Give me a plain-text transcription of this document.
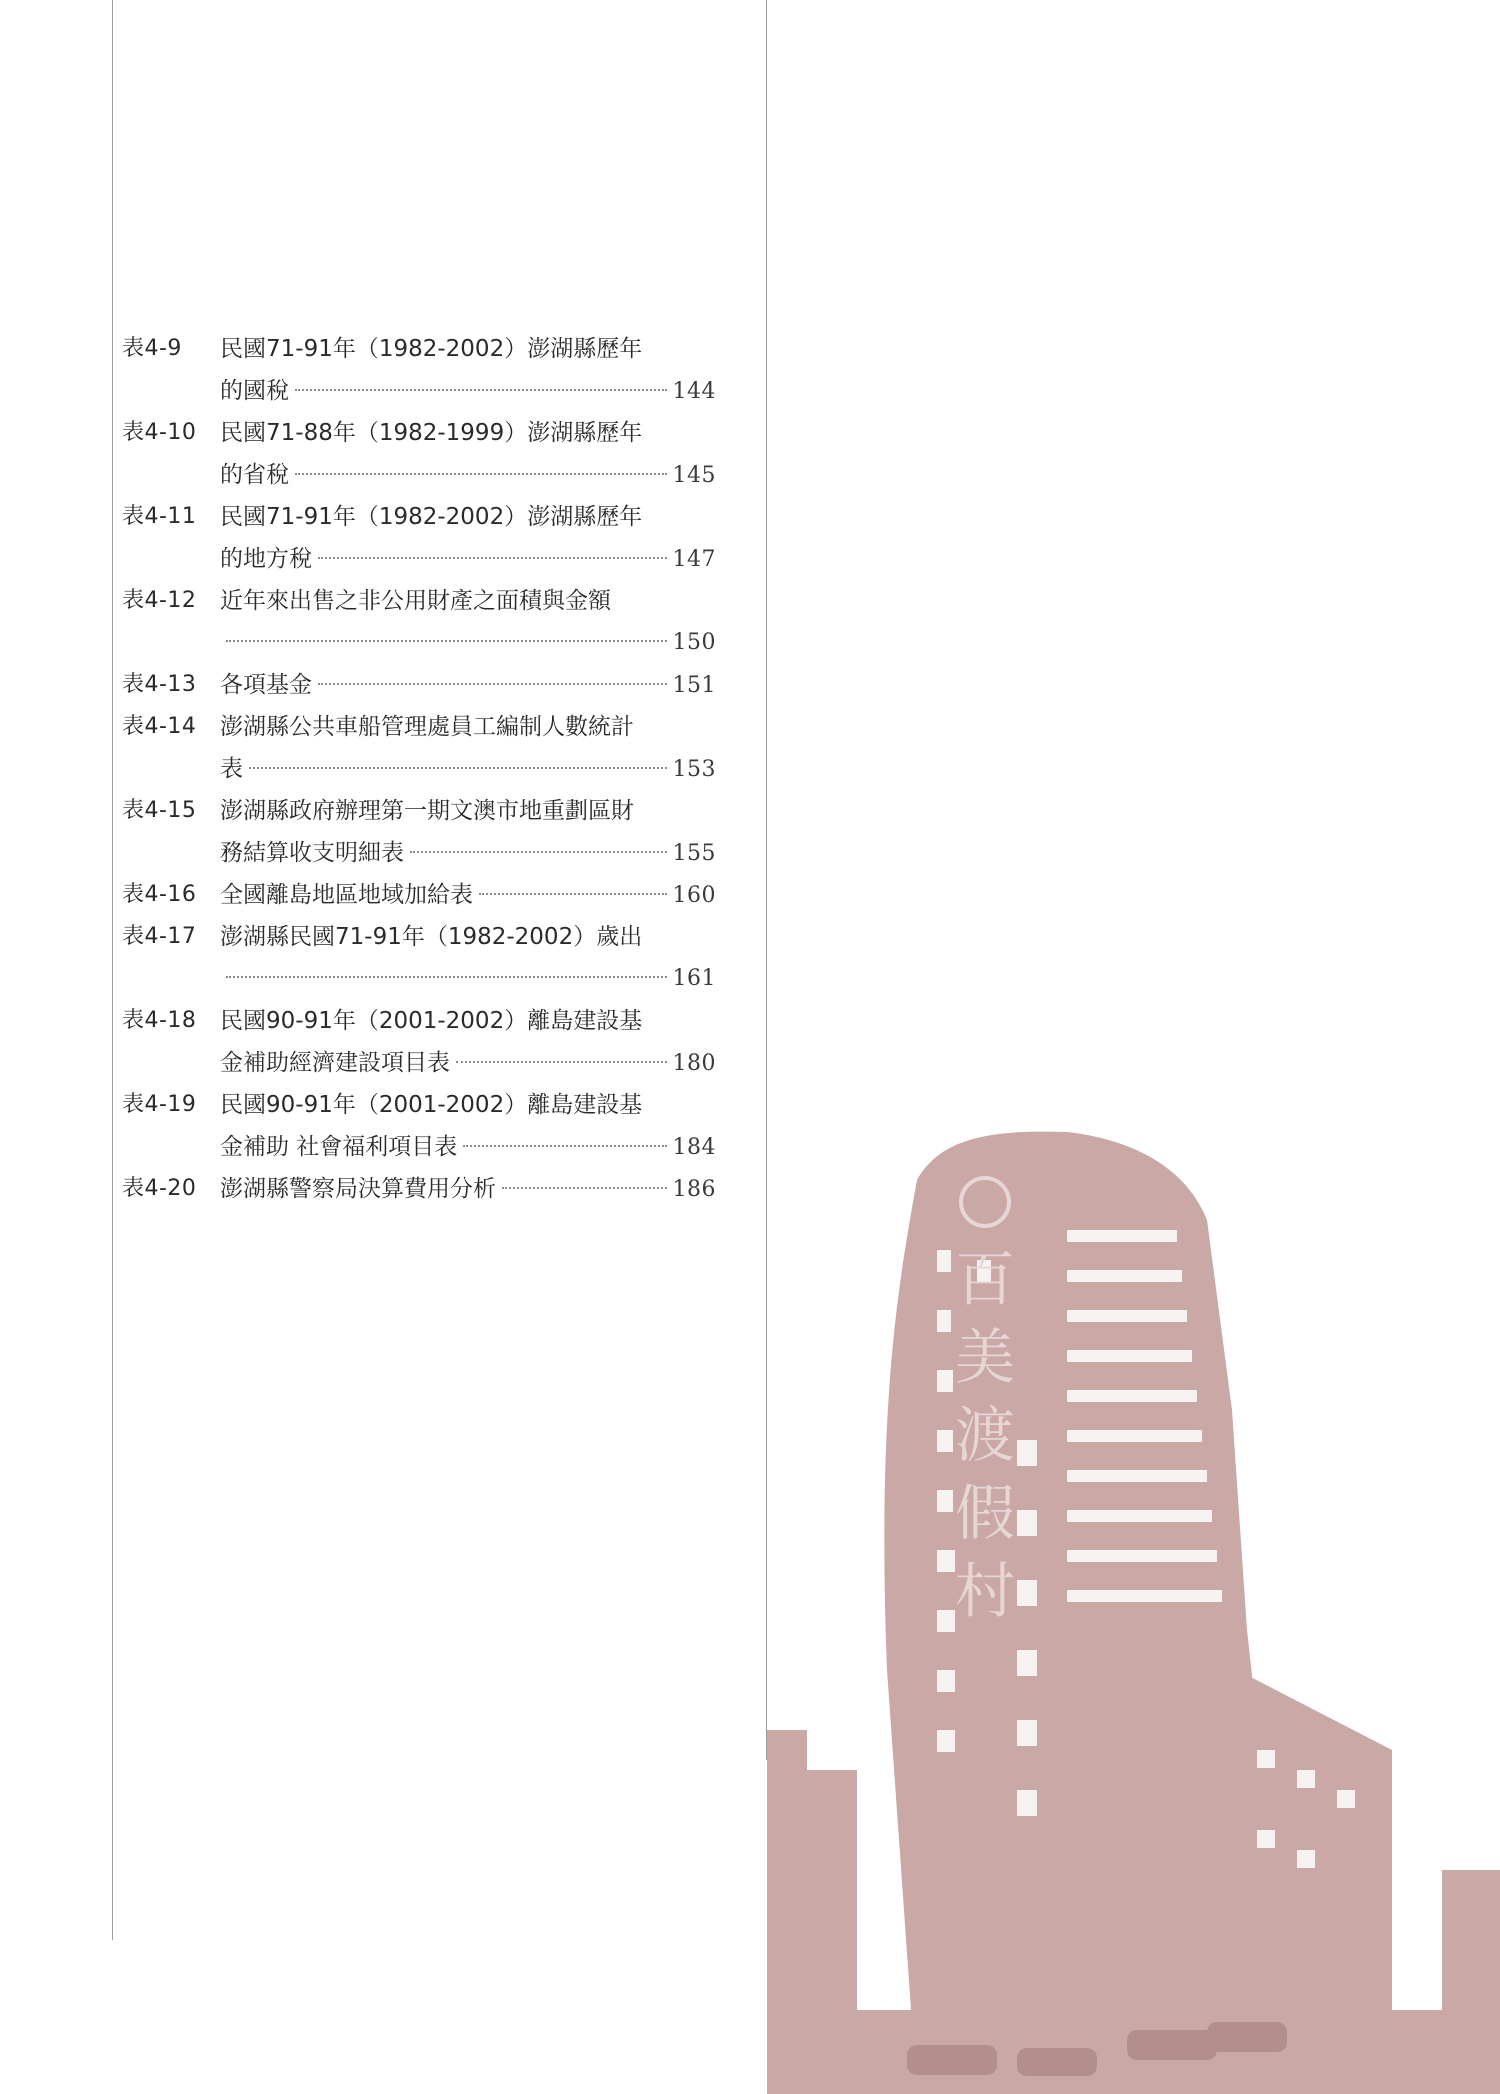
表4-9 民國71-91年（1982-2002）澎湖縣歷年
的國稅	144
表4-10 民國71-88年（1982-1999）澎湖縣歷年
的省稅	145
表4-11 民國71-91年（1982-2002）澎湖縣歷年
的地方稅	147
表4-12 近年來出售之非公用財產之面積與金額
150
表4-13 各項基金	151
表4-14 澎湖縣公共車船管理處員工編制人數統計
表	153
表4-15 澎湖縣政府辦理第一期文澳市地重劃區財
務結算收支明細表	155
表4-16 全國離島地區地域加給表	160
表4-17 澎湖縣民國71-91年（1982-2002）歲出
161
表4-18 民國90-91年（2001-2002）離島建設基
金補助經濟建設項目表	180
表4-19 民國90-91年（2001-2002）離島建設基
金補助 社會福利項目表	184
表4-20 澎湖縣警察局決算費用分析	186
百
美
渡
假
村
